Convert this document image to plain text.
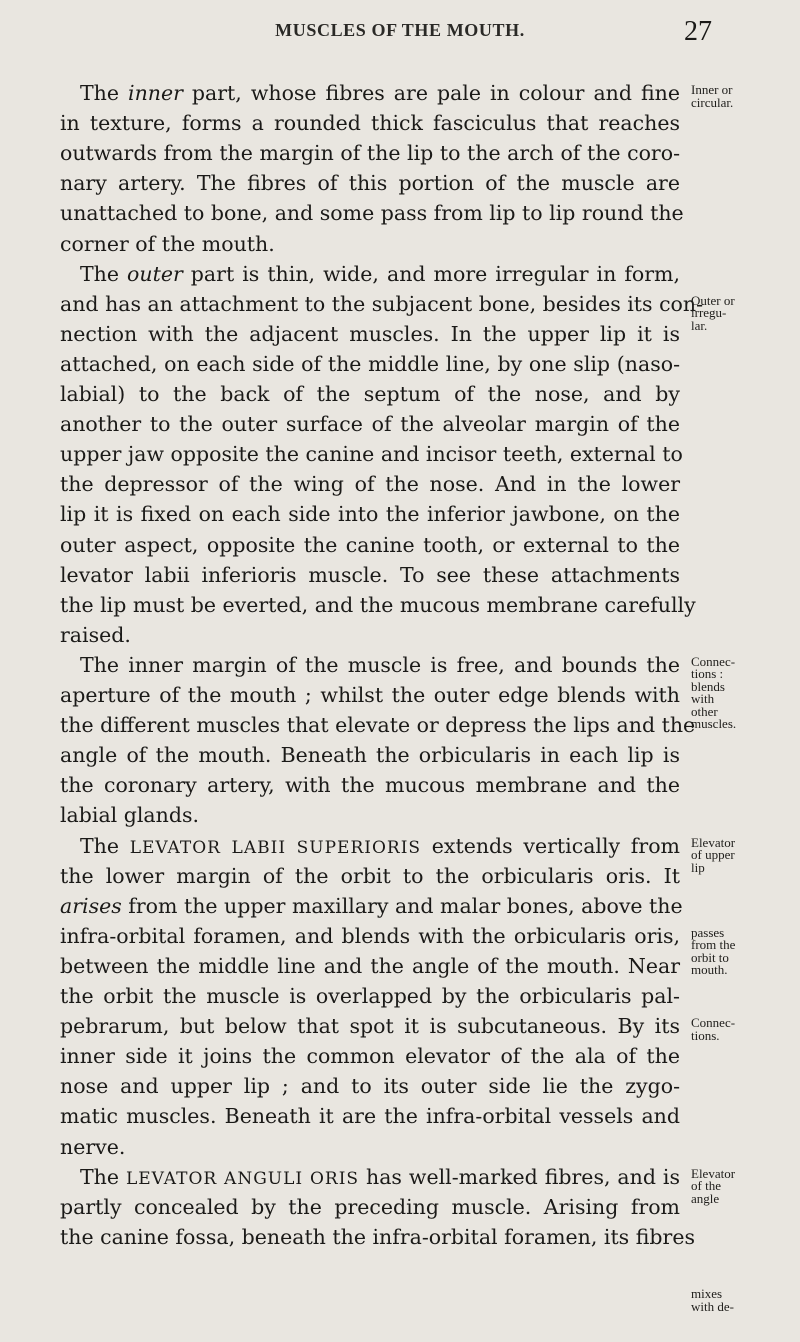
MUSCLES OF THE MOUTH.	27
The inner part, whose fibres are pale in colour and fine
in texture, forms a rounded thick fasciculus that reaches
outwards from the margin of the lip to the arch of the coro-
nary artery. The fibres of this portion of the muscle are
unattached to bone, and some pass from lip to lip round the
corner of the mouth.
The outer part is thin, wide, and more irregular in form,
and has an attachment to the subjacent bone, besides its con-
nection with the adjacent muscles. In the upper lip it is
attached, on each side of the middle line, by one slip (naso-
labial) to the back of the septum of the nose, and by
another to the outer surface of the alveolar margin of the
upper jaw opposite the canine and incisor teeth, external to
the depressor of the wing of the nose. And in the lower
lip it is fixed on each side into the inferior jawbone, on the
outer aspect, opposite the canine tooth, or external to the
levator labii inferioris muscle. To see these attachments
the lip must be everted, and the mucous membrane carefully
raised.
The inner margin of the muscle is free, and bounds the
aperture of the mouth ; whilst the outer edge blends with
the different muscles that elevate or depress the lips and the
angle of the mouth. Beneath the orbicularis in each lip is
the coronary artery, with the mucous membrane and the
labial glands.
The LEVATOR LABII SUPERIORIS extends vertically from
the lower margin of the orbit to the orbicularis oris. It
arises from the upper maxillary and malar bones, above the
infra-orbital foramen, and blends with the orbicularis oris,
between the middle line and the angle of the mouth. Near
the orbit the muscle is overlapped by the orbicularis pal-
pebrarum, but below that spot it is subcutaneous. By its
inner side it joins the common elevator of the ala of the
nose and upper lip ; and to its outer side lie the zygo-
matic muscles. Beneath it are the infra-orbital vessels and
nerve.
The LEVATOR ANGULI ORIS has well-marked fibres, and is
partly concealed by the preceding muscle. Arising from
the canine fossa, beneath the infra-orbital foramen, its fibres
Inner or
circular.
Outer or
irregu-
lar.
Connec-
tions :
blends
with
other
muscles.
Elevator
of upper
lip
passes
from the
orbit to
mouth.
Connec-
tions.
Elevator
of the
angle
mixes
with de-
